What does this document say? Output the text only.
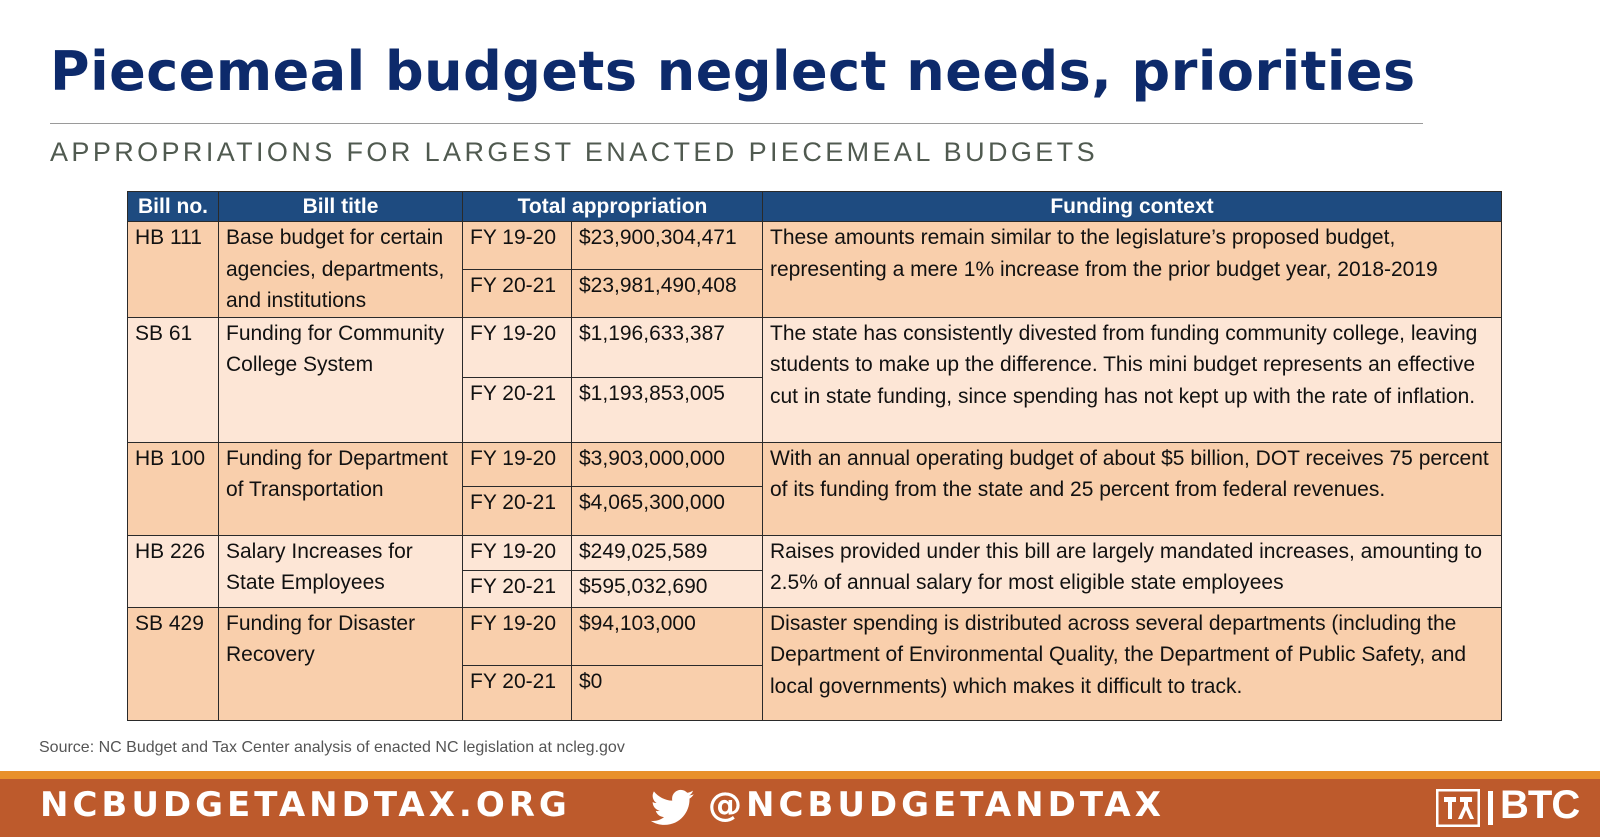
Piecemeal budgets neglect needs, priorities
APPROPRIATIONS FOR LARGEST ENACTED PIECEMEAL BUDGETS
Bill no.	Bill title	Total appropriation		Funding context
HB 111	Base budget for certain agencies, departments, and institutions	FY 19-20	$23,900,304,471	These amounts remain similar to the legislature’s proposed budget, representing a mere 1% increase from the prior budget year, 2018-2019
		FY 20-21	$23,981,490,408	
SB 61	Funding for Community College System	FY 19-20	$1,196,633,387	The state has consistently divested from funding community college, leaving students to make up the difference. This mini budget represents an effective cut in state funding, since spending has not kept up with the rate of inflation.
		FY 20-21	$1,193,853,005	
HB 100	Funding for Department of Transportation	FY 19-20	$3,903,000,000	With an annual operating budget of about $5 billion, DOT receives 75 percent of its funding from the state and 25 percent from federal revenues.
		FY 20-21	$4,065,300,000	
HB 226	Salary Increases for State Employees	FY 19-20	$249,025,589	Raises provided under this bill are largely mandated increases, amounting to 2.5% of annual salary for most eligible state employees
		FY 20-21	$595,032,690	
SB 429	Funding for Disaster Recovery	FY 19-20	$94,103,000	Disaster spending is distributed across several departments (including the Department of Environmental Quality, the Department of Public Safety, and local governments) which makes it difficult to track.
		FY 20-21	$0	
Source: NC Budget and Tax Center analysis of enacted NC legislation at ncleg.gov
NCBUDGETANDTAX.ORG	@NCBUDGETANDTAX	BTC
